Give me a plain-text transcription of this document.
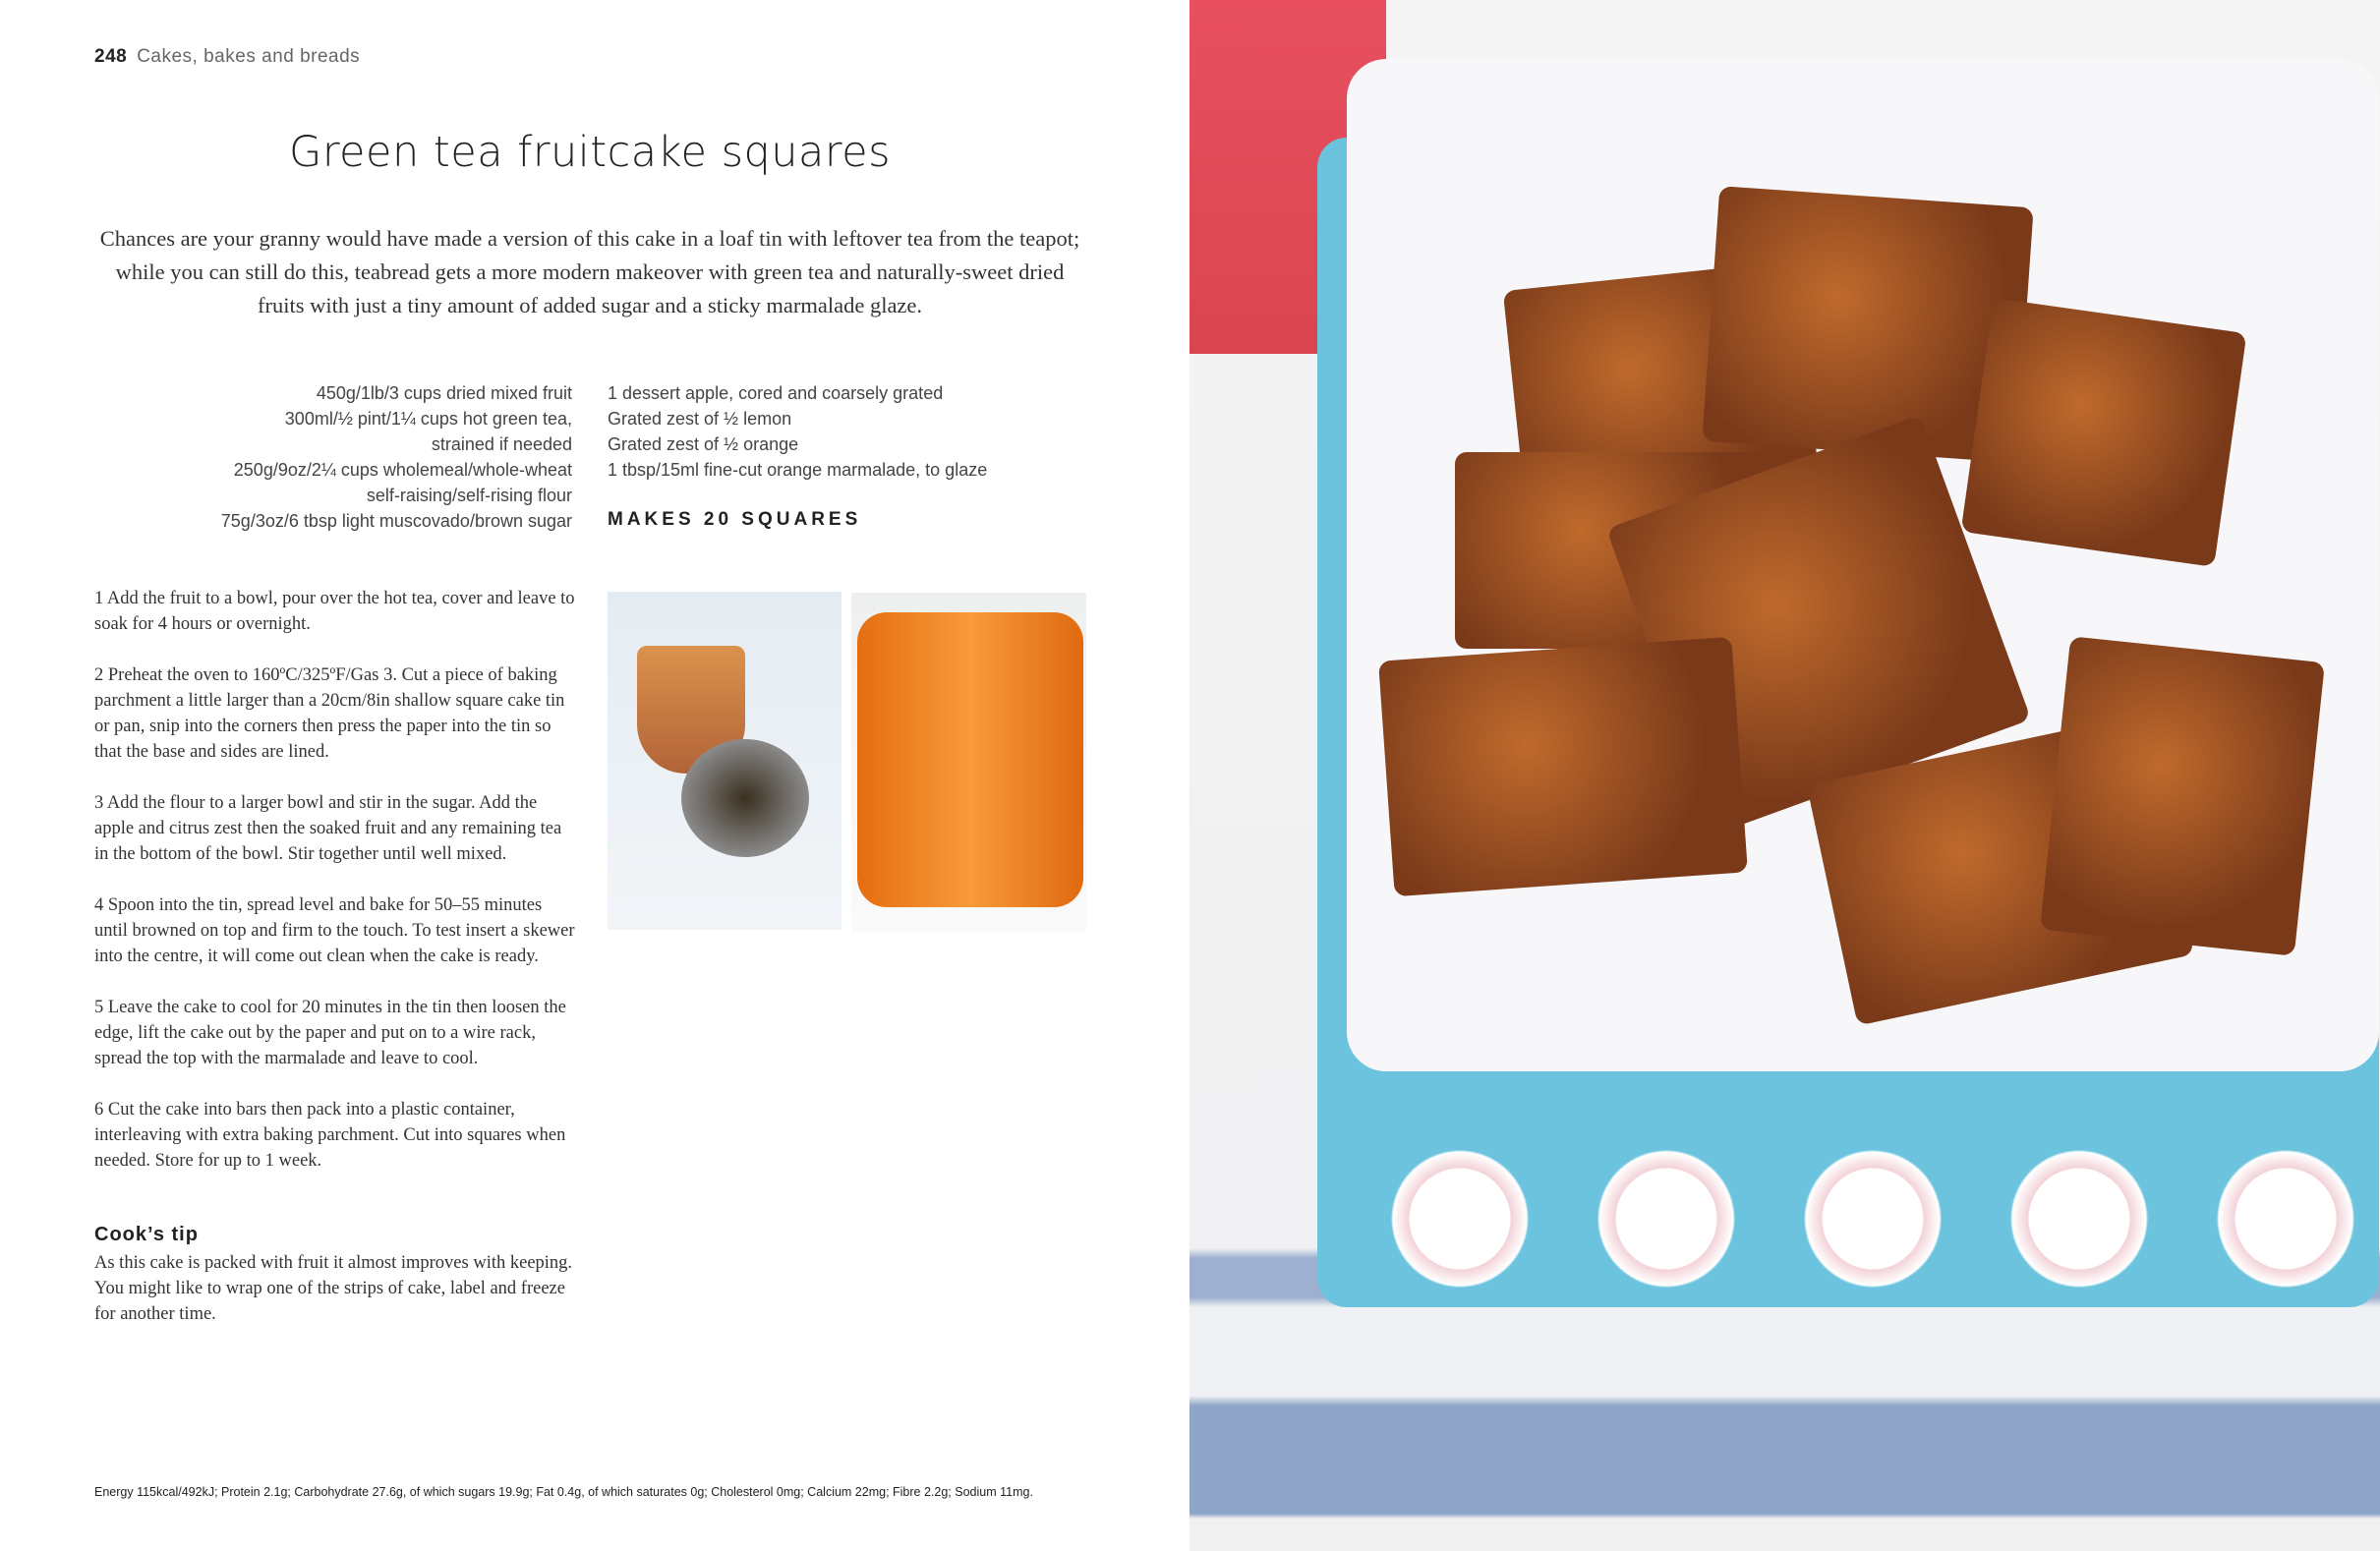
248 Cakes, bakes and breads
Green tea fruitcake squares

Chances are your granny would have made a version of this cake in a loaf tin with leftover tea from the teapot; while you can still do this, teabread gets a more modern makeover with green tea and naturally-sweet dried fruits with just a tiny amount of added sugar and a sticky marmalade glaze.

450g/1lb/3 cups dried mixed fruit
300ml/½ pint/1¼ cups hot green tea,
strained if needed
250g/9oz/2¼ cups wholemeal/whole-wheat
self-raising/self-rising flour
75g/3oz/6 tbsp light muscovado/brown sugar
1 dessert apple, cored and coarsely grated
Grated zest of ½ lemon
Grated zest of ½ orange
1 tbsp/15ml fine-cut orange marmalade, to glaze
MAKES 20 SQUARES

1 Add the fruit to a bowl, pour over the hot tea, cover and leave to soak for 4 hours or overnight.

2 Preheat the oven to 160ºC/325ºF/Gas 3. Cut a piece of baking parchment a little larger than a 20cm/8in shallow square cake tin or pan, snip into the corners then press the paper into the tin so that the base and sides are lined.

3 Add the flour to a larger bowl and stir in the sugar. Add the apple and citrus zest then the soaked fruit and any remaining tea in the bottom of the bowl. Stir together until well mixed.

4 Spoon into the tin, spread level and bake for 50–55 minutes until browned on top and firm to the touch. To test insert a skewer into the centre, it will come out clean when the cake is ready.

5 Leave the cake to cool for 20 minutes in the tin then loosen the edge, lift the cake out by the paper and put on to a wire rack, spread the top with the marmalade and leave to cool.

6 Cut the cake into bars then pack into a plastic container, interleaving with extra baking parchment. Cut into squares when needed. Store for up to 1 week.

Cook’s tip

As this cake is packed with fruit it almost improves with keeping. You might like to wrap one of the strips of cake, label and freeze for another time.

Energy 115kcal/492kJ; Protein 2.1g; Carbohydrate 27.6g, of which sugars 19.9g; Fat 0.4g, of which saturates 0g; Cholesterol 0mg; Calcium 22mg; Fibre 2.2g; Sodium 11mg.
